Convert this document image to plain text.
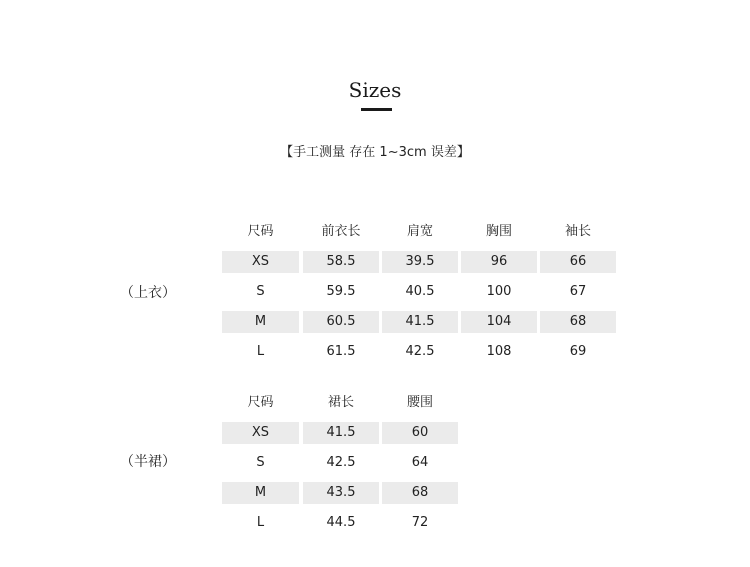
Sizes
【手工测量 存在 1~3cm 误差】
（上衣）
尺码	前衣长	肩宽	胸围	袖长
XS	58.5	39.5	96	66
S	59.5	40.5	100	67
M	60.5	41.5	104	68
L	61.5	42.5	108	69
（半裙）
尺码	裙长	腰围
XS	41.5	60
S	42.5	64
M	43.5	68
L	44.5	72
